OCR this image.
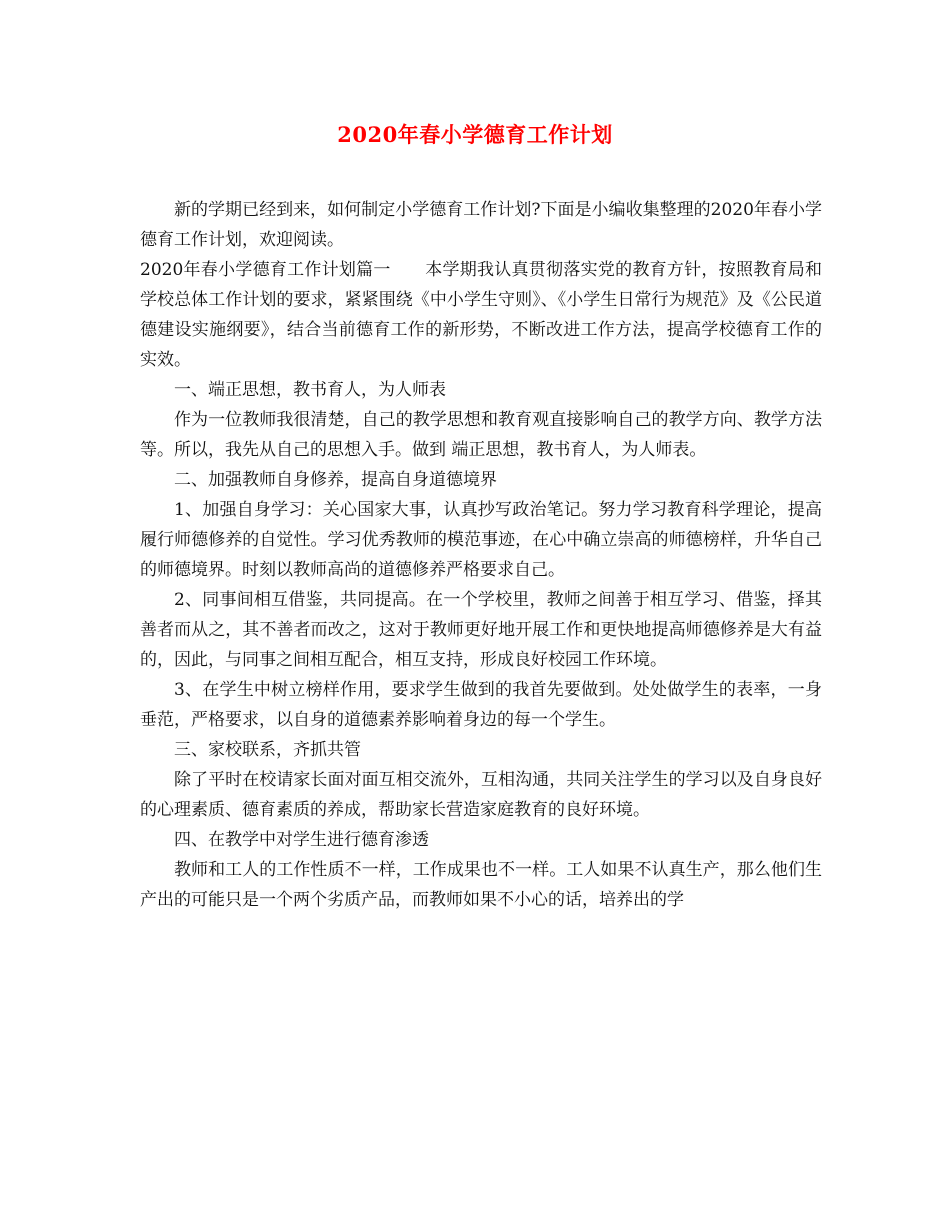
2020年春小学德育工作计划

新的学期已经到来，如何制定小学德育工作计划?下面是小编收集整理的2020年春小学德育工作计划，欢迎阅读。

2020年春小学德育工作计划篇一　　本学期我认真贯彻落实党的教育方针，按照教育局和学校总体工作计划的要求，紧紧围绕《中小学生守则》、《小学生日常行为规范》及《公民道德建设实施纲要》，结合当前德育工作的新形势，不断改进工作方法，提高学校德育工作的实效。

一、端正思想，教书育人，为人师表

作为一位教师我很清楚，自己的教学思想和教育观直接影响自己的教学方向、教学方法等。所以，我先从自己的思想入手。做到 端正思想，教书育人，为人师表。

二、加强教师自身修养，提高自身道德境界

1、加强自身学习：关心国家大事，认真抄写政治笔记。努力学习教育科学理论，提高履行师德修养的自觉性。学习优秀教师的模范事迹，在心中确立崇高的师德榜样，升华自己的师德境界。时刻以教师高尚的道德修养严格要求自己。

2、同事间相互借鉴，共同提高。在一个学校里，教师之间善于相互学习、借鉴，择其善者而从之，其不善者而改之，这对于教师更好地开展工作和更快地提高师德修养是大有益的，因此，与同事之间相互配合，相互支持，形成良好校园工作环境。

3、在学生中树立榜样作用，要求学生做到的我首先要做到。处处做学生的表率，一身垂范，严格要求，以自身的道德素养影响着身边的每一个学生。

三、家校联系，齐抓共管

除了平时在校请家长面对面互相交流外，互相沟通，共同关注学生的学习以及自身良好的心理素质、德育素质的养成，帮助家长营造家庭教育的良好环境。

四、在教学中对学生进行德育渗透

教师和工人的工作性质不一样，工作成果也不一样。工人如果不认真生产，那么他们生产出的可能只是一个两个劣质产品，而教师如果不小心的话，培养出的学
